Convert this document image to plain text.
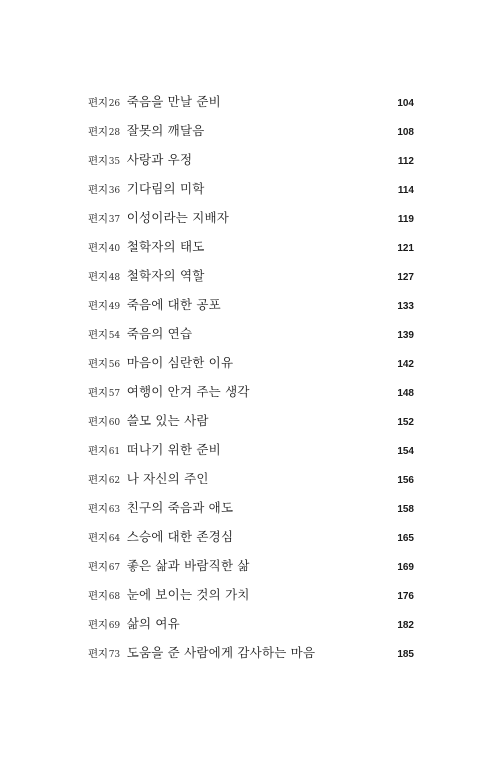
편지 26 죽음을 만날 준비	104
편지 28 잘못의 깨달음	108
편지 35 사랑과 우정	112
편지 36 기다림의 미학	114
편지 37 이성이라는 지배자	119
편지 40 철학자의 태도	121
편지 48 철학자의 역할	127
편지 49 죽음에 대한 공포	133
편지 54 죽음의 연습	139
편지 56 마음이 심란한 이유	142
편지 57 여행이 안겨 주는 생각	148
편지 60 쓸모 있는 사람	152
편지 61 떠나기 위한 준비	154
편지 62 나 자신의 주인	156
편지 63 친구의 죽음과 애도	158
편지 64 스승에 대한 존경심	165
편지 67 좋은 삶과 바람직한 삶	169
편지 68 눈에 보이는 것의 가치	176
편지 69 삶의 여유	182
편지 73 도움을 준 사람에게 감사하는 마음	185
